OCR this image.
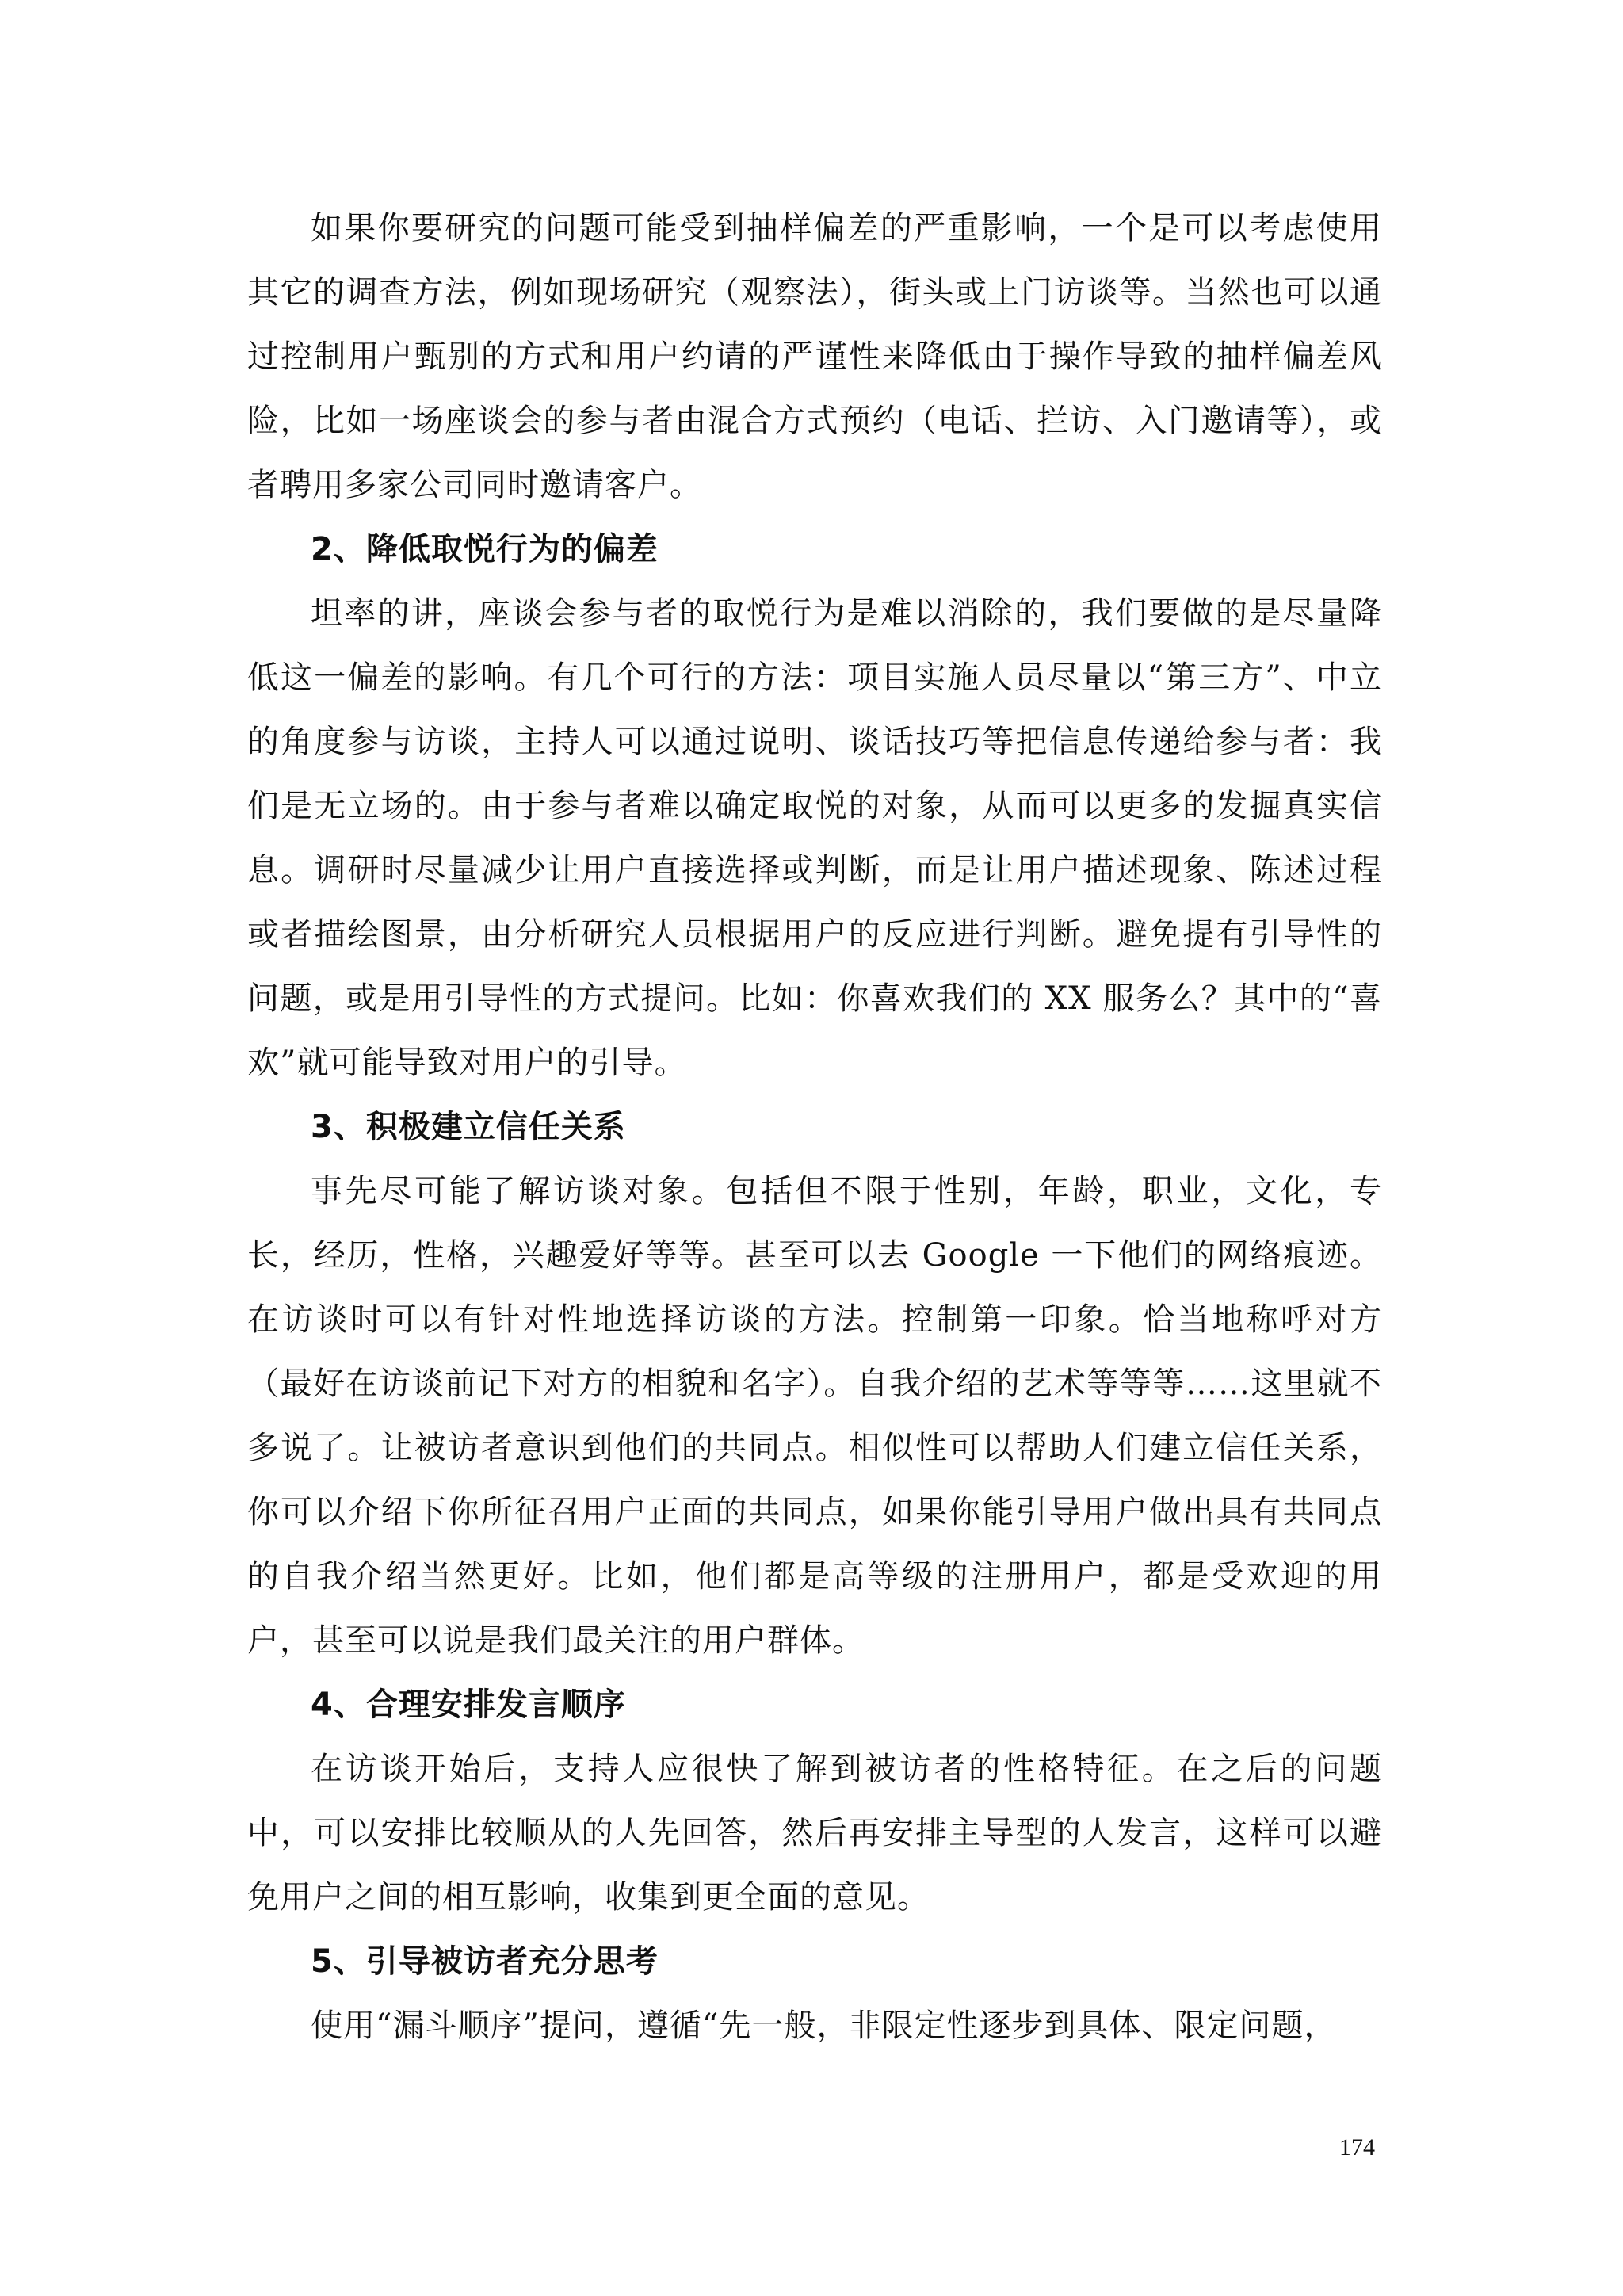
如果你要研究的问题可能受到抽样偏差的严重影响，一个是可以考虑使用其它的调查方法，例如现场研究（观察法），街头或上门访谈等。当然也可以通过控制用户甄别的方式和用户约请的严谨性来降低由于操作导致的抽样偏差风险，比如一场座谈会的参与者由混合方式预约（电话、拦访、入门邀请等），或者聘用多家公司同时邀请客户。

2、降低取悦行为的偏差

坦率的讲，座谈会参与者的取悦行为是难以消除的，我们要做的是尽量降低这一偏差的影响。有几个可行的方法：项目实施人员尽量以“第三方”、中立的角度参与访谈，主持人可以通过说明、谈话技巧等把信息传递给参与者：我们是无立场的。由于参与者难以确定取悦的对象，从而可以更多的发掘真实信息。调研时尽量减少让用户直接选择或判断，而是让用户描述现象、陈述过程或者描绘图景，由分析研究人员根据用户的反应进行判断。避免提有引导性的问题，或是用引导性的方式提问。比如：你喜欢我们的 XX 服务么？其中的“喜欢”就可能导致对用户的引导。

3、积极建立信任关系

事先尽可能了解访谈对象。包括但不限于性别，年龄，职业，文化，专长，经历，性格，兴趣爱好等等。甚至可以去 Google 一下他们的网络痕迹。在访谈时可以有针对性地选择访谈的方法。控制第一印象。恰当地称呼对方（最好在访谈前记下对方的相貌和名字）。自我介绍的艺术等等等……这里就不多说了。让被访者意识到他们的共同点。相似性可以帮助人们建立信任关系，你可以介绍下你所征召用户正面的共同点，如果你能引导用户做出具有共同点的自我介绍当然更好。比如，他们都是高等级的注册用户，都是受欢迎的用户，甚至可以说是我们最关注的用户群体。

4、合理安排发言顺序

在访谈开始后，支持人应很快了解到被访者的性格特征。在之后的问题中，可以安排比较顺从的人先回答，然后再安排主导型的人发言，这样可以避免用户之间的相互影响，收集到更全面的意见。

5、引导被访者充分思考

使用“漏斗顺序”提问，遵循“先一般，非限定性逐步到具体、限定问题，

174
